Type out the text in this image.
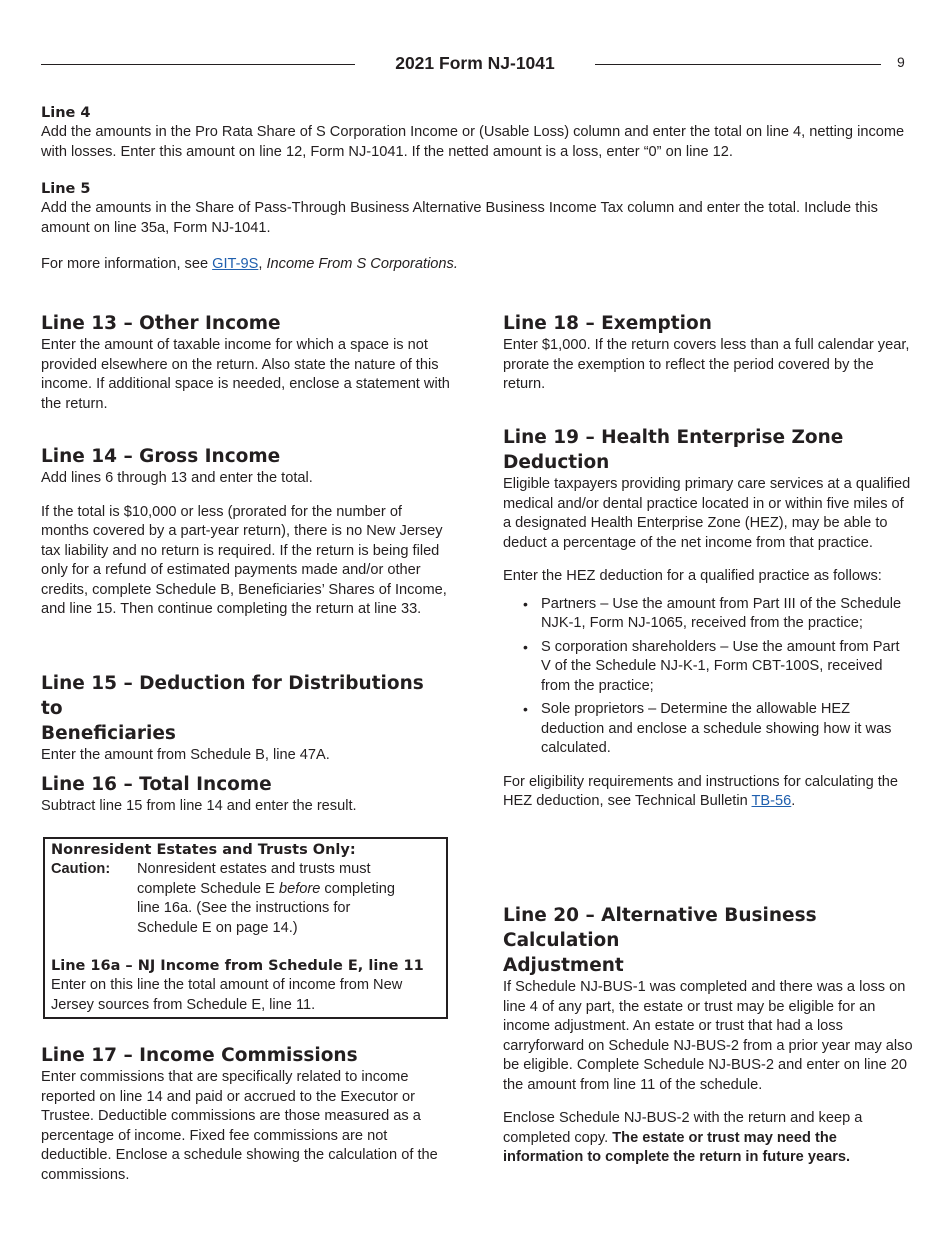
2021 Form NJ-1041	9

Line 4

Add the amounts in the Pro Rata Share of S Corporation Income or (Usable Loss) column and enter the total on line 4, netting income with losses. Enter this amount on line 12, Form NJ-1041. If the netted amount is a loss, enter “0” on line 12.

Line 5

Add the amounts in the Share of Pass-Through Business Alternative Business Income Tax column and enter the total. Include this amount on line 35a, Form NJ-1041.

For more information, see GIT-9S, Income From S Corporations.

Line 13 – Other Income

Enter the amount of taxable income for which a space is not provided elsewhere on the return. Also state the nature of this income. If additional space is needed, enclose a statement with the return.

Line 14 – Gross Income

Add lines 6 through 13 and enter the total.

If the total is $10,000 or less (prorated for the number of months covered by a part-year return), there is no New Jersey tax liability and no return is required. If the return is being filed only for a refund of estimated payments made and/or other credits, complete Schedule B, Beneficiaries’ Shares of Income, and line 15. Then continue completing the return at line 33.

Line 15 – Deduction for Distributions to

Beneficiaries

Enter the amount from Schedule B, line 47A.

Line 16 – Total Income

Subtract line 15 from line 14 and enter the result.

Nonresident Estates and Trusts Only:

Caution:	Nonresident estates and trusts must complete Schedule E before completing line 16a. (See the instructions for Schedule E on page 14.)

Line 16a – NJ Income from Schedule E, line 11

Enter on this line the total amount of income from New Jersey sources from Schedule E, line 11.

Line 17 – Income Commissions

Enter commissions that are specifically related to income reported on line 14 and paid or accrued to the Executor or Trustee. Deductible commissions are those measured as a percentage of income. Fixed fee commissions are not deductible. Enclose a schedule showing the calculation of the commissions.

Line 18 – Exemption

Enter $1,000. If the return covers less than a full calendar year, prorate the exemption to reflect the period covered by the return.

Line 19 – Health Enterprise Zone

Deduction

Eligible taxpayers providing primary care services at a qualified medical and/or dental practice located in or within five miles of a designated Health Enterprise Zone (HEZ), may be able to deduct a percentage of the net income from that practice.

Enter the HEZ deduction for a qualified practice as follows:

• Partners – Use the amount from Part III of the Schedule NJK-1, Form NJ-1065, received from the practice;
• S corporation shareholders – Use the amount from Part V of the Schedule NJ-K-1, Form CBT-100S, received from the practice;
• Sole proprietors – Determine the allowable HEZ deduction and enclose a schedule showing how it was calculated.

For eligibility requirements and instructions for calculating the HEZ deduction, see Technical Bulletin TB-56.

Line 20 – Alternative Business Calculation

Adjustment

If Schedule NJ-BUS-1 was completed and there was a loss on line 4 of any part, the estate or trust may be eligible for an income adjustment. An estate or trust that had a loss carryforward on Schedule NJ-BUS-2 from a prior year may also be eligible. Complete Schedule NJ-BUS-2 and enter on line 20 the amount from line 11 of the schedule.

Enclose Schedule NJ-BUS-2 with the return and keep a completed copy. The estate or trust may need the information to complete the return in future years.
